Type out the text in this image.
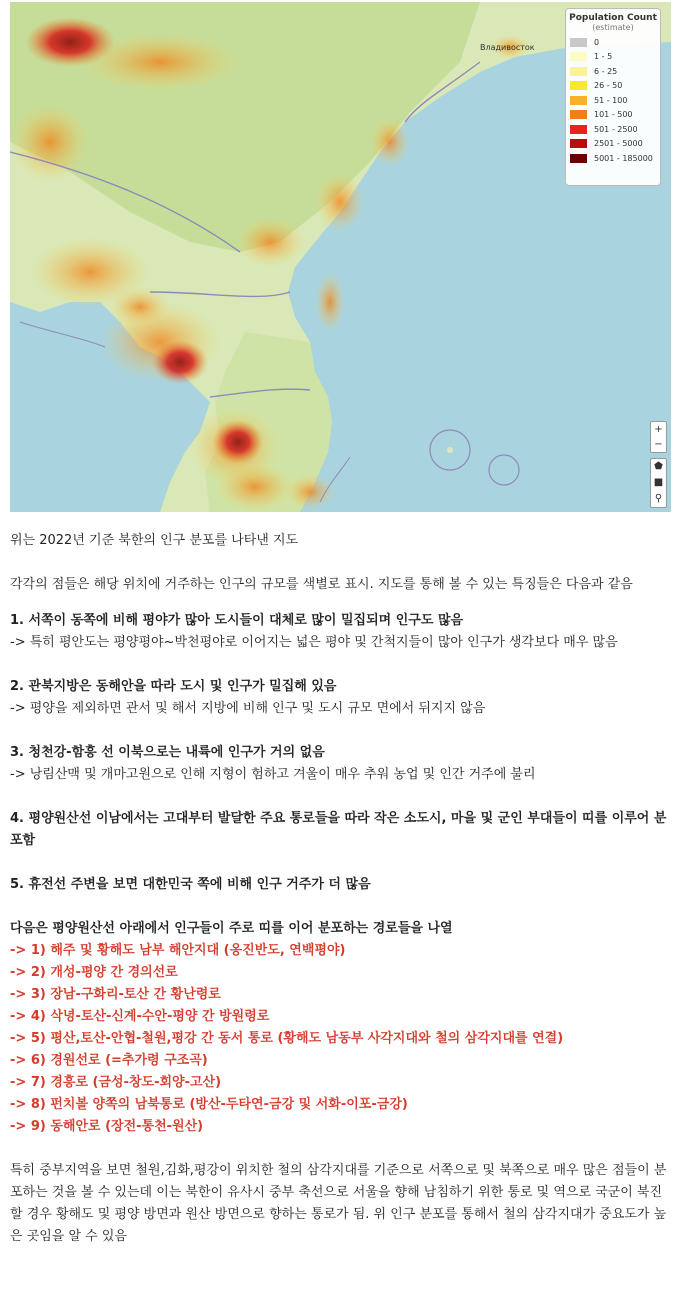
Владивосток
Population Count
(estimate)
0
1 - 5
6 - 25
26 - 50
51 - 100
101 - 500
501 - 2500
2501 - 5000
5001 - 185000
+
−
⬟
■
⚲

위는 2022년 기준 북한의 인구 분포를 나타낸 지도

각각의 점들은 해당 위치에 거주하는 인구의 규모를 색별로 표시. 지도를 통해 볼 수 있는 특징들은 다음과 같음

1. 서쪽이 동쪽에 비해 평야가 많아 도시들이 대체로 많이 밀집되며 인구도 많음

-> 특히 평안도는 평양평야~박천평야로 이어지는 넓은 평야 및 간척지들이 많아 인구가 생각보다 매우 많음

2. 관북지방은 동해안을 따라 도시 및 인구가 밀집해 있음

-> 평양을 제외하면 관서 및 해서 지방에 비해 인구 및 도시 규모 면에서 뒤지지 않음

3. 청천강-함흥 선 이북으로는 내륙에 인구가 거의 없음

-> 낭림산맥 및 개마고원으로 인해 지형이 험하고 겨울이 매우 추워 농업 및 인간 거주에 불리

4. 평양원산선 이남에서는 고대부터 발달한 주요 통로들을 따라 작은 소도시, 마을 및 군인 부대들이 띠를 이루어 분포함

5. 휴전선 주변을 보면 대한민국 쪽에 비해 인구 거주가 더 많음

다음은 평양원산선 아래에서 인구들이 주로 띠를 이어 분포하는 경로들을 나열

-> 1) 해주 및 황해도 남부 해안지대 (옹진반도, 연백평야)

-> 2) 개성-평양 간 경의선로

-> 3) 장남-구화리-토산 간 황난령로

-> 4) 삭녕-토산-신계-수안-평양 간 방원령로

-> 5) 평산,토산-안협-철원,평강 간 동서 통로 (황해도 남동부 사각지대와 철의 삼각지대를 연결)

-> 6) 경원선로 (=추가령 구조곡)

-> 7) 경흥로 (금성-창도-회양-고산)

-> 8) 펀치볼 양쪽의 남북통로 (방산-두타연-금강 및 서화-이포-금강)

-> 9) 동해안로 (장전-통천-원산)

특히 중부지역을 보면 철원,김화,평강이 위치한 철의 삼각지대를 기준으로 서쪽으로 및 북쪽으로 매우 많은 점들이 분포하는 것을 볼 수 있는데 이는 북한이 유사시 중부 축선으로 서울을 향해 남침하기 위한 통로 및 역으로 국군이 북진할 경우 황해도 및 평양 방면과 원산 방면으로 향하는 통로가 됨. 위 인구 분포를 통해서 철의 삼각지대가 중요도가 높은 곳임을 알 수 있음
